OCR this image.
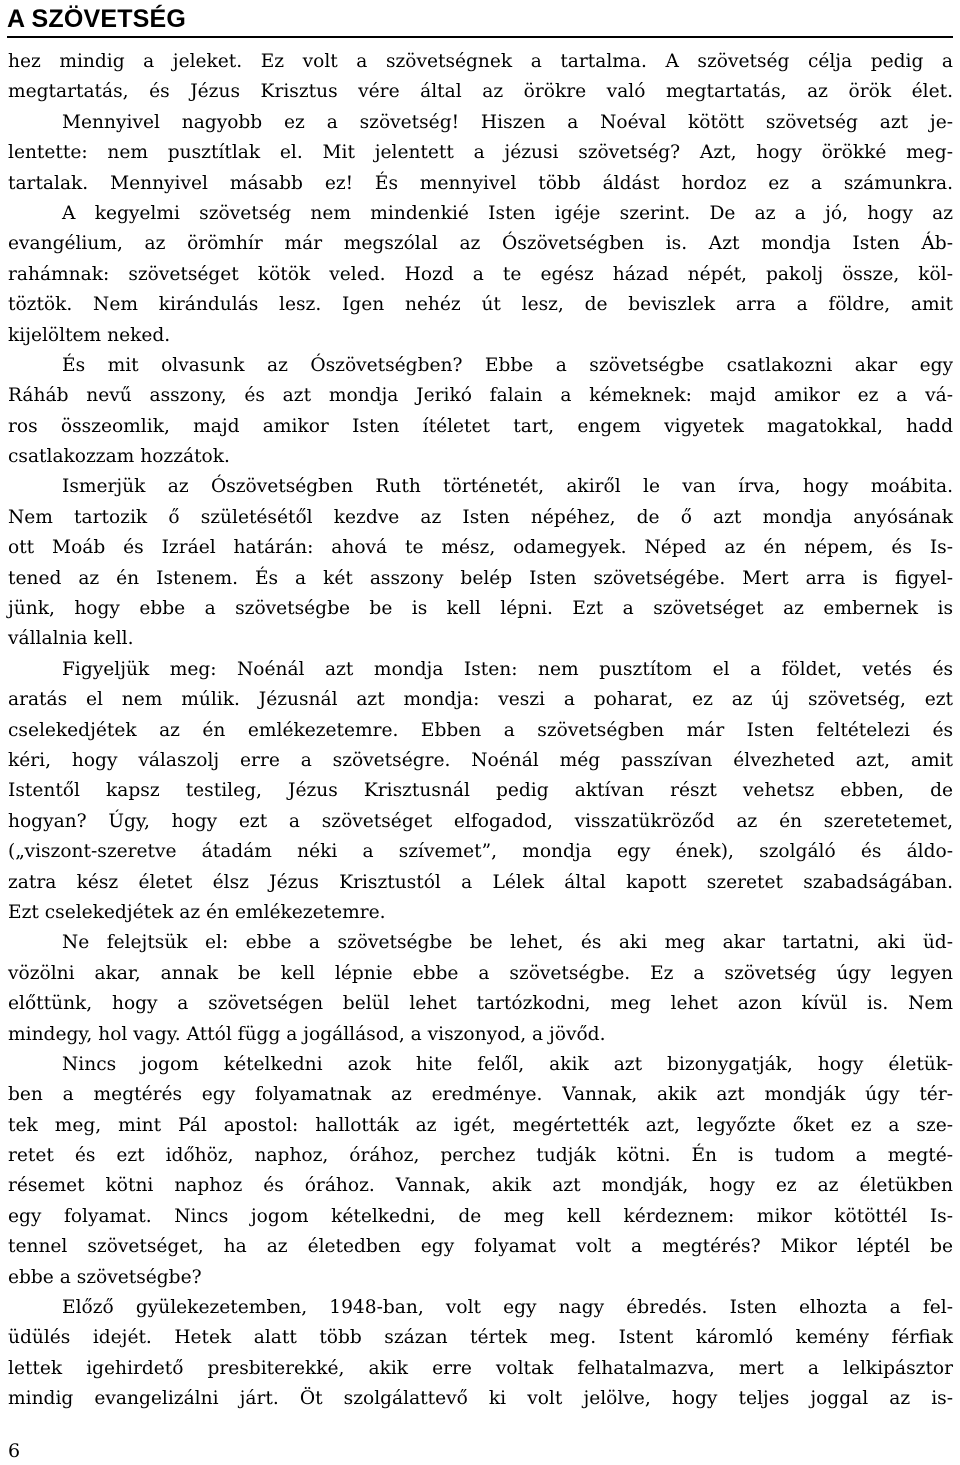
A SZÖVETSÉG
hez mindig a jeleket. Ez volt a szövetségnek a tartalma. A szövetség célja pedig a
megtartatás, és Jézus Krisztus vére által az örökre való megtartatás, az örök élet.
Mennyivel nagyobb ez a szövetség! Hiszen a Noéval kötött szövetség azt je-
lentette: nem pusztítlak el. Mit jelentett a jézusi szövetség? Azt, hogy örökké meg-
tartalak. Mennyivel másabb ez! És mennyivel több áldást hordoz ez a számunkra.
A kegyelmi szövetség nem mindenkié Isten igéje szerint. De az a jó, hogy az
evangélium, az örömhír már megszólal az Ószövetségben is. Azt mondja Isten Áb-
rahámnak: szövetséget kötök veled. Hozd a te egész házad népét, pakolj össze, köl-
töztök. Nem kirándulás lesz. Igen nehéz út lesz, de beviszlek arra a földre, amit
kijelöltem neked.
És mit olvasunk az Ószövetségben? Ebbe a szövetségbe csatlakozni akar egy
Ráháb nevű asszony, és azt mondja Jerikó falain a kémeknek: majd amikor ez a vá-
ros összeomlik, majd amikor Isten ítéletet tart, engem vigyetek magatokkal, hadd
csatlakozzam hozzátok.
Ismerjük az Ószövetségben Ruth történetét, akiről le van írva, hogy moábita.
Nem tartozik ő születésétől kezdve az Isten népéhez, de ő azt mondja anyósának
ott Moáb és Izráel határán: ahová te mész, odamegyek. Néped az én népem, és Is-
tened az én Istenem. És a két asszony belép Isten szövetségébe. Mert arra is figyel-
jünk, hogy ebbe a szövetségbe be is kell lépni. Ezt a szövetséget az embernek is
vállalnia kell.
Figyeljük meg: Noénál azt mondja Isten: nem pusztítom el a földet, vetés és
aratás el nem múlik. Jézusnál azt mondja: veszi a poharat, ez az új szövetség, ezt
cselekedjétek az én emlékezetemre. Ebben a szövetségben már Isten feltételezi és
kéri, hogy válaszolj erre a szövetségre. Noénál még passzívan élvezheted azt, amit
Istentől kapsz testileg, Jézus Krisztusnál pedig aktívan részt vehetsz ebben, de
hogyan? Úgy, hogy ezt a szövetséget elfogadod, visszatükröződ az én szeretetemet,
(„viszont-szeretve átadám néki a szívemet”, mondja egy ének), szolgáló és áldo-
zatra kész életet élsz Jézus Krisztustól a Lélek által kapott szeretet szabadságában.
Ezt cselekedjétek az én emlékezetemre.
Ne felejtsük el: ebbe a szövetségbe be lehet, és aki meg akar tartatni, aki üd-
vözölni akar, annak be kell lépnie ebbe a szövetségbe. Ez a szövetség úgy legyen
előttünk, hogy a szövetségen belül lehet tartózkodni, meg lehet azon kívül is. Nem
mindegy, hol vagy. Attól függ a jogállásod, a viszonyod, a jövőd.
Nincs jogom kételkedni azok hite felől, akik azt bizonygatják, hogy életük-
ben a megtérés egy folyamatnak az eredménye. Vannak, akik azt mondják úgy tér-
tek meg, mint Pál apostol: hallották az igét, megértették azt, legyőzte őket ez a sze-
retet és ezt időhöz, naphoz, órához, perchez tudják kötni. Én is tudom a megté-
résemet kötni naphoz és órához. Vannak, akik azt mondják, hogy ez az életükben
egy folyamat. Nincs jogom kételkedni, de meg kell kérdeznem: mikor kötöttél Is-
tennel szövetséget, ha az életedben egy folyamat volt a megtérés? Mikor léptél be
ebbe a szövetségbe?
Előző gyülekezetemben, 1948-ban, volt egy nagy ébredés. Isten elhozta a fel-
üdülés idejét. Hetek alatt több százan tértek meg. Istent káromló kemény férfiak
lettek igehirdető presbiterekké, akik erre voltak felhatalmazva, mert a lelkipásztor
mindig evangelizálni járt. Öt szolgálattevő ki volt jelölve, hogy teljes joggal az is-
6
